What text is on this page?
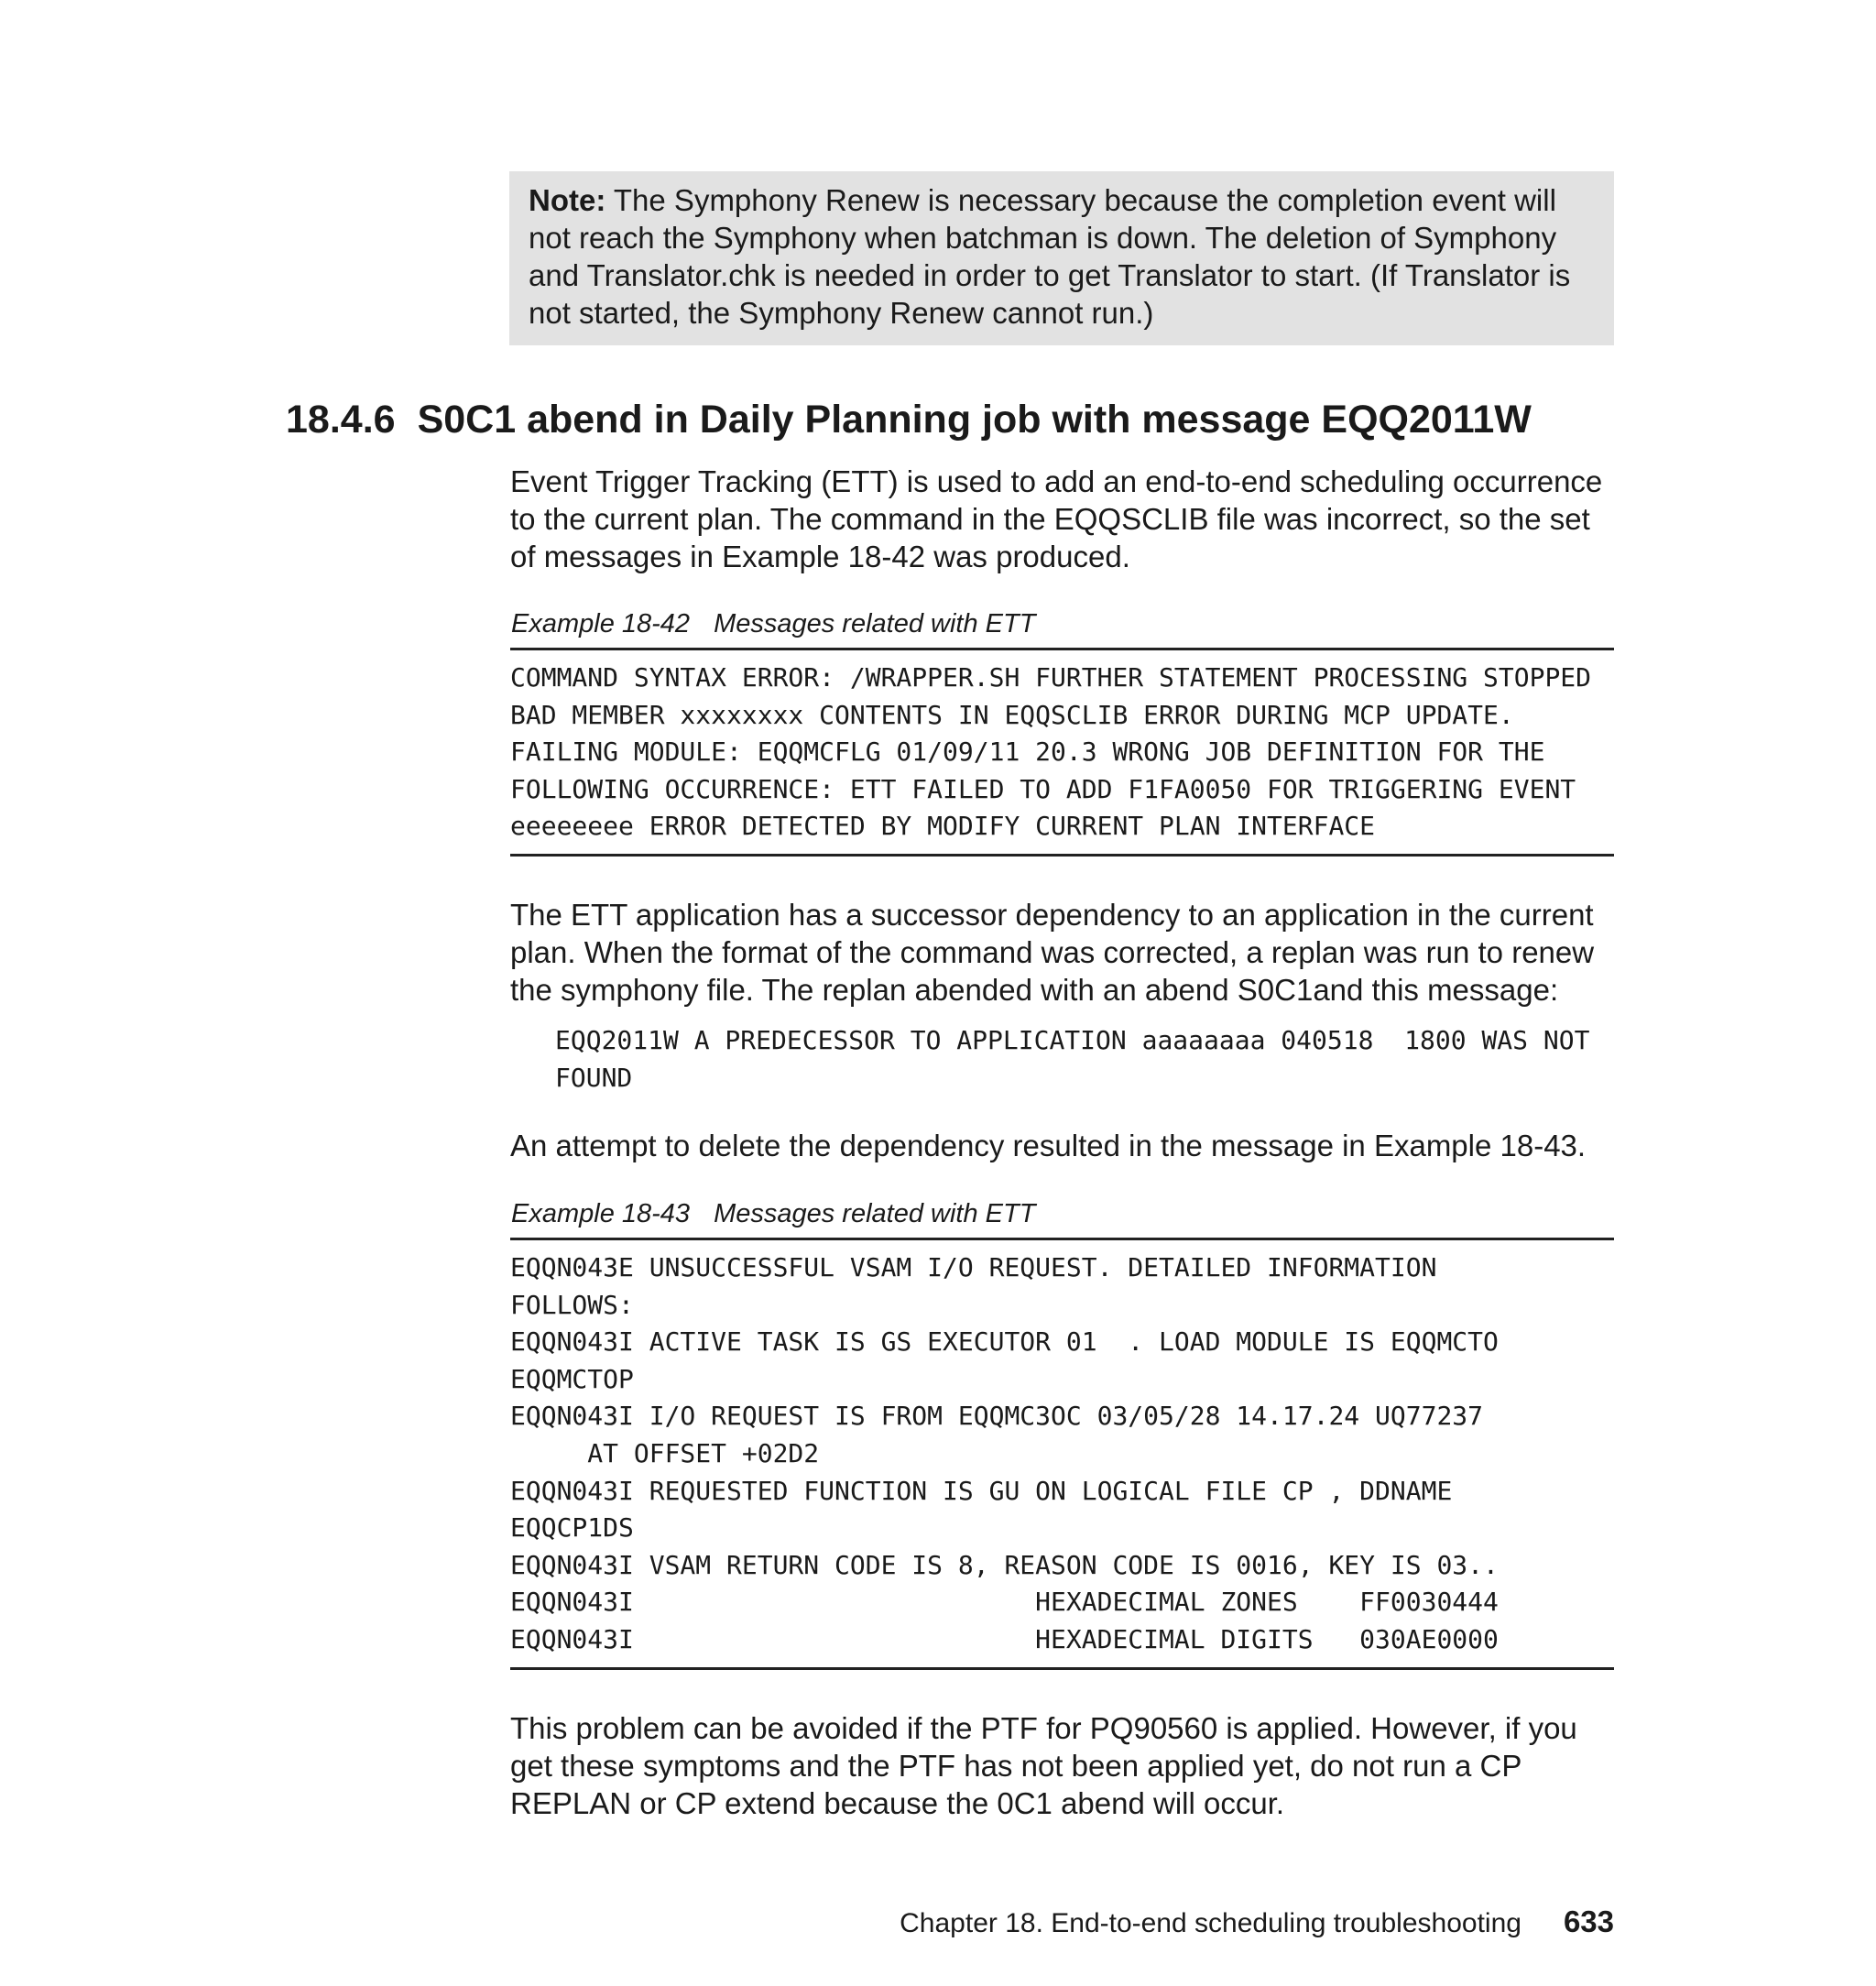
Note: The Symphony Renew is necessary because the completion event will not reach the Symphony when batchman is down. The deletion of Symphony and Translator.chk is needed in order to get Translator to start. (If Translator is not started, the Symphony Renew cannot run.)
18.4.6 S0C1 abend in Daily Planning job with message EQQ2011W

Event Trigger Tracking (ETT) is used to add an end-to-end scheduling occurrence to the current plan. The command in the EQQSCLIB file was incorrect, so the set of messages in Example 18-42 was produced.

Example 18-42 Messages related with ETT
COMMAND SYNTAX ERROR: /WRAPPER.SH FURTHER STATEMENT PROCESSING STOPPED
BAD MEMBER xxxxxxxx CONTENTS IN EQQSCLIB ERROR DURING MCP UPDATE.
FAILING MODULE: EQQMCFLG 01/09/11 20.3 WRONG JOB DEFINITION FOR THE
FOLLOWING OCCURRENCE: ETT FAILED TO ADD F1FA0050 FOR TRIGGERING EVENT
eeeeeeee ERROR DETECTED BY MODIFY CURRENT PLAN INTERFACE

The ETT application has a successor dependency to an application in the current plan. When the format of the command was corrected, a replan was run to renew the symphony file. The replan abended with an abend S0C1and this message:

EQQ2011W A PREDECESSOR TO APPLICATION aaaaaaaa 040518  1800 WAS NOT
FOUND

An attempt to delete the dependency resulted in the message in Example 18-43.

Example 18-43 Messages related with ETT
EQQN043E UNSUCCESSFUL VSAM I/O REQUEST. DETAILED INFORMATION
FOLLOWS:
EQQN043I ACTIVE TASK IS GS EXECUTOR 01  . LOAD MODULE IS EQQMCTO
EQQMCTOP
EQQN043I I/O REQUEST IS FROM EQQMC3OC 03/05/28 14.17.24 UQ77237
AT OFFSET +02D2
EQQN043I REQUESTED FUNCTION IS GU ON LOGICAL FILE CP , DDNAME
EQQCP1DS
EQQN043I VSAM RETURN CODE IS 8, REASON CODE IS 0016, KEY IS 03..
EQQN043I                          HEXADECIMAL ZONES    FF0030444
EQQN043I                          HEXADECIMAL DIGITS   030AE0000

This problem can be avoided if the PTF for PQ90560 is applied. However, if you get these symptoms and the PTF has not been applied yet, do not run a CP REPLAN or CP extend because the 0C1 abend will occur.

Chapter 18. End-to-end scheduling troubleshooting 633
